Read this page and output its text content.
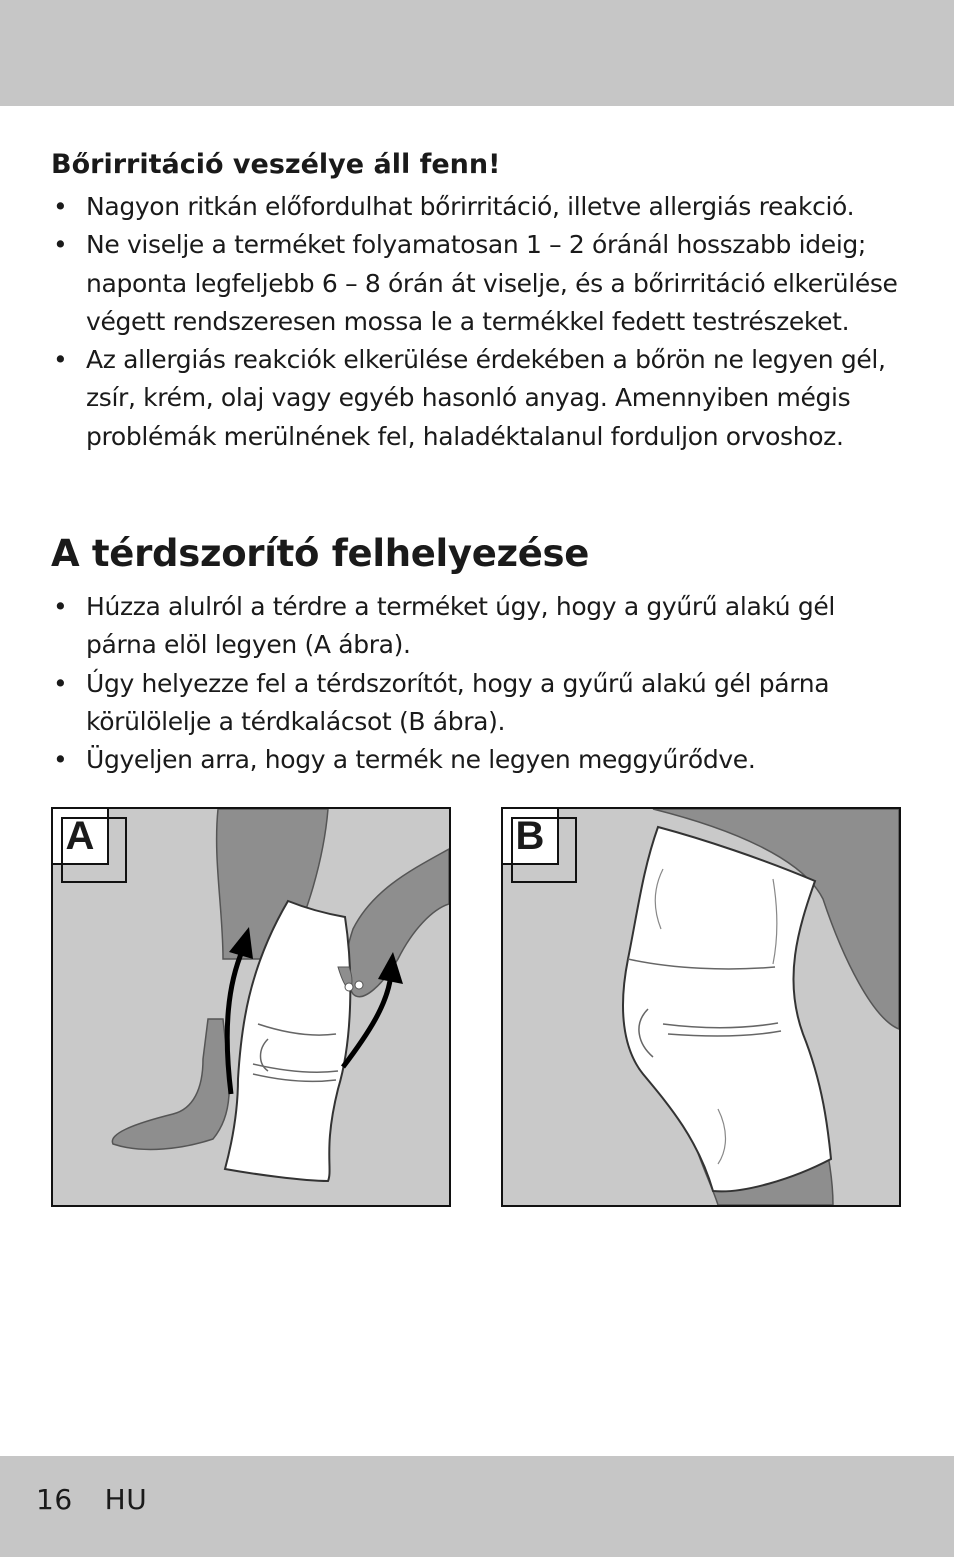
Bőrirritáció veszélye áll fenn!
• Nagyon ritkán előfordulhat bőrirritáció, illetve allergiás reakció.
• Ne viselje a terméket folyamatosan 1 – 2 óránál hosszabb ideig; naponta legfeljebb 6 – 8 órán át viselje, és a bőrirritáció elkerülése végett rendszeresen mossa le a termékkel fedett testrészeket.
• Az allergiás reakciók elkerülése érdekében a bőrön ne legyen gél, zsír, krém, olaj vagy egyéb hasonló anyag. Amennyiben mégis problémák merülnének fel, haladéktalanul forduljon orvoshoz.
A térdszorító felhelyezése
• Húzza alulról a térdre a terméket úgy, hogy a gyűrű alakú gél párna elöl legyen (A ábra).
• Úgy helyezze fel a térdszorítót, hogy a gyűrű alakú gél párna körülölelje a térdkalácsot (B ábra).
• Ügyeljen arra, hogy a termék ne legyen meggyűrődve.
A	B
16 HU
